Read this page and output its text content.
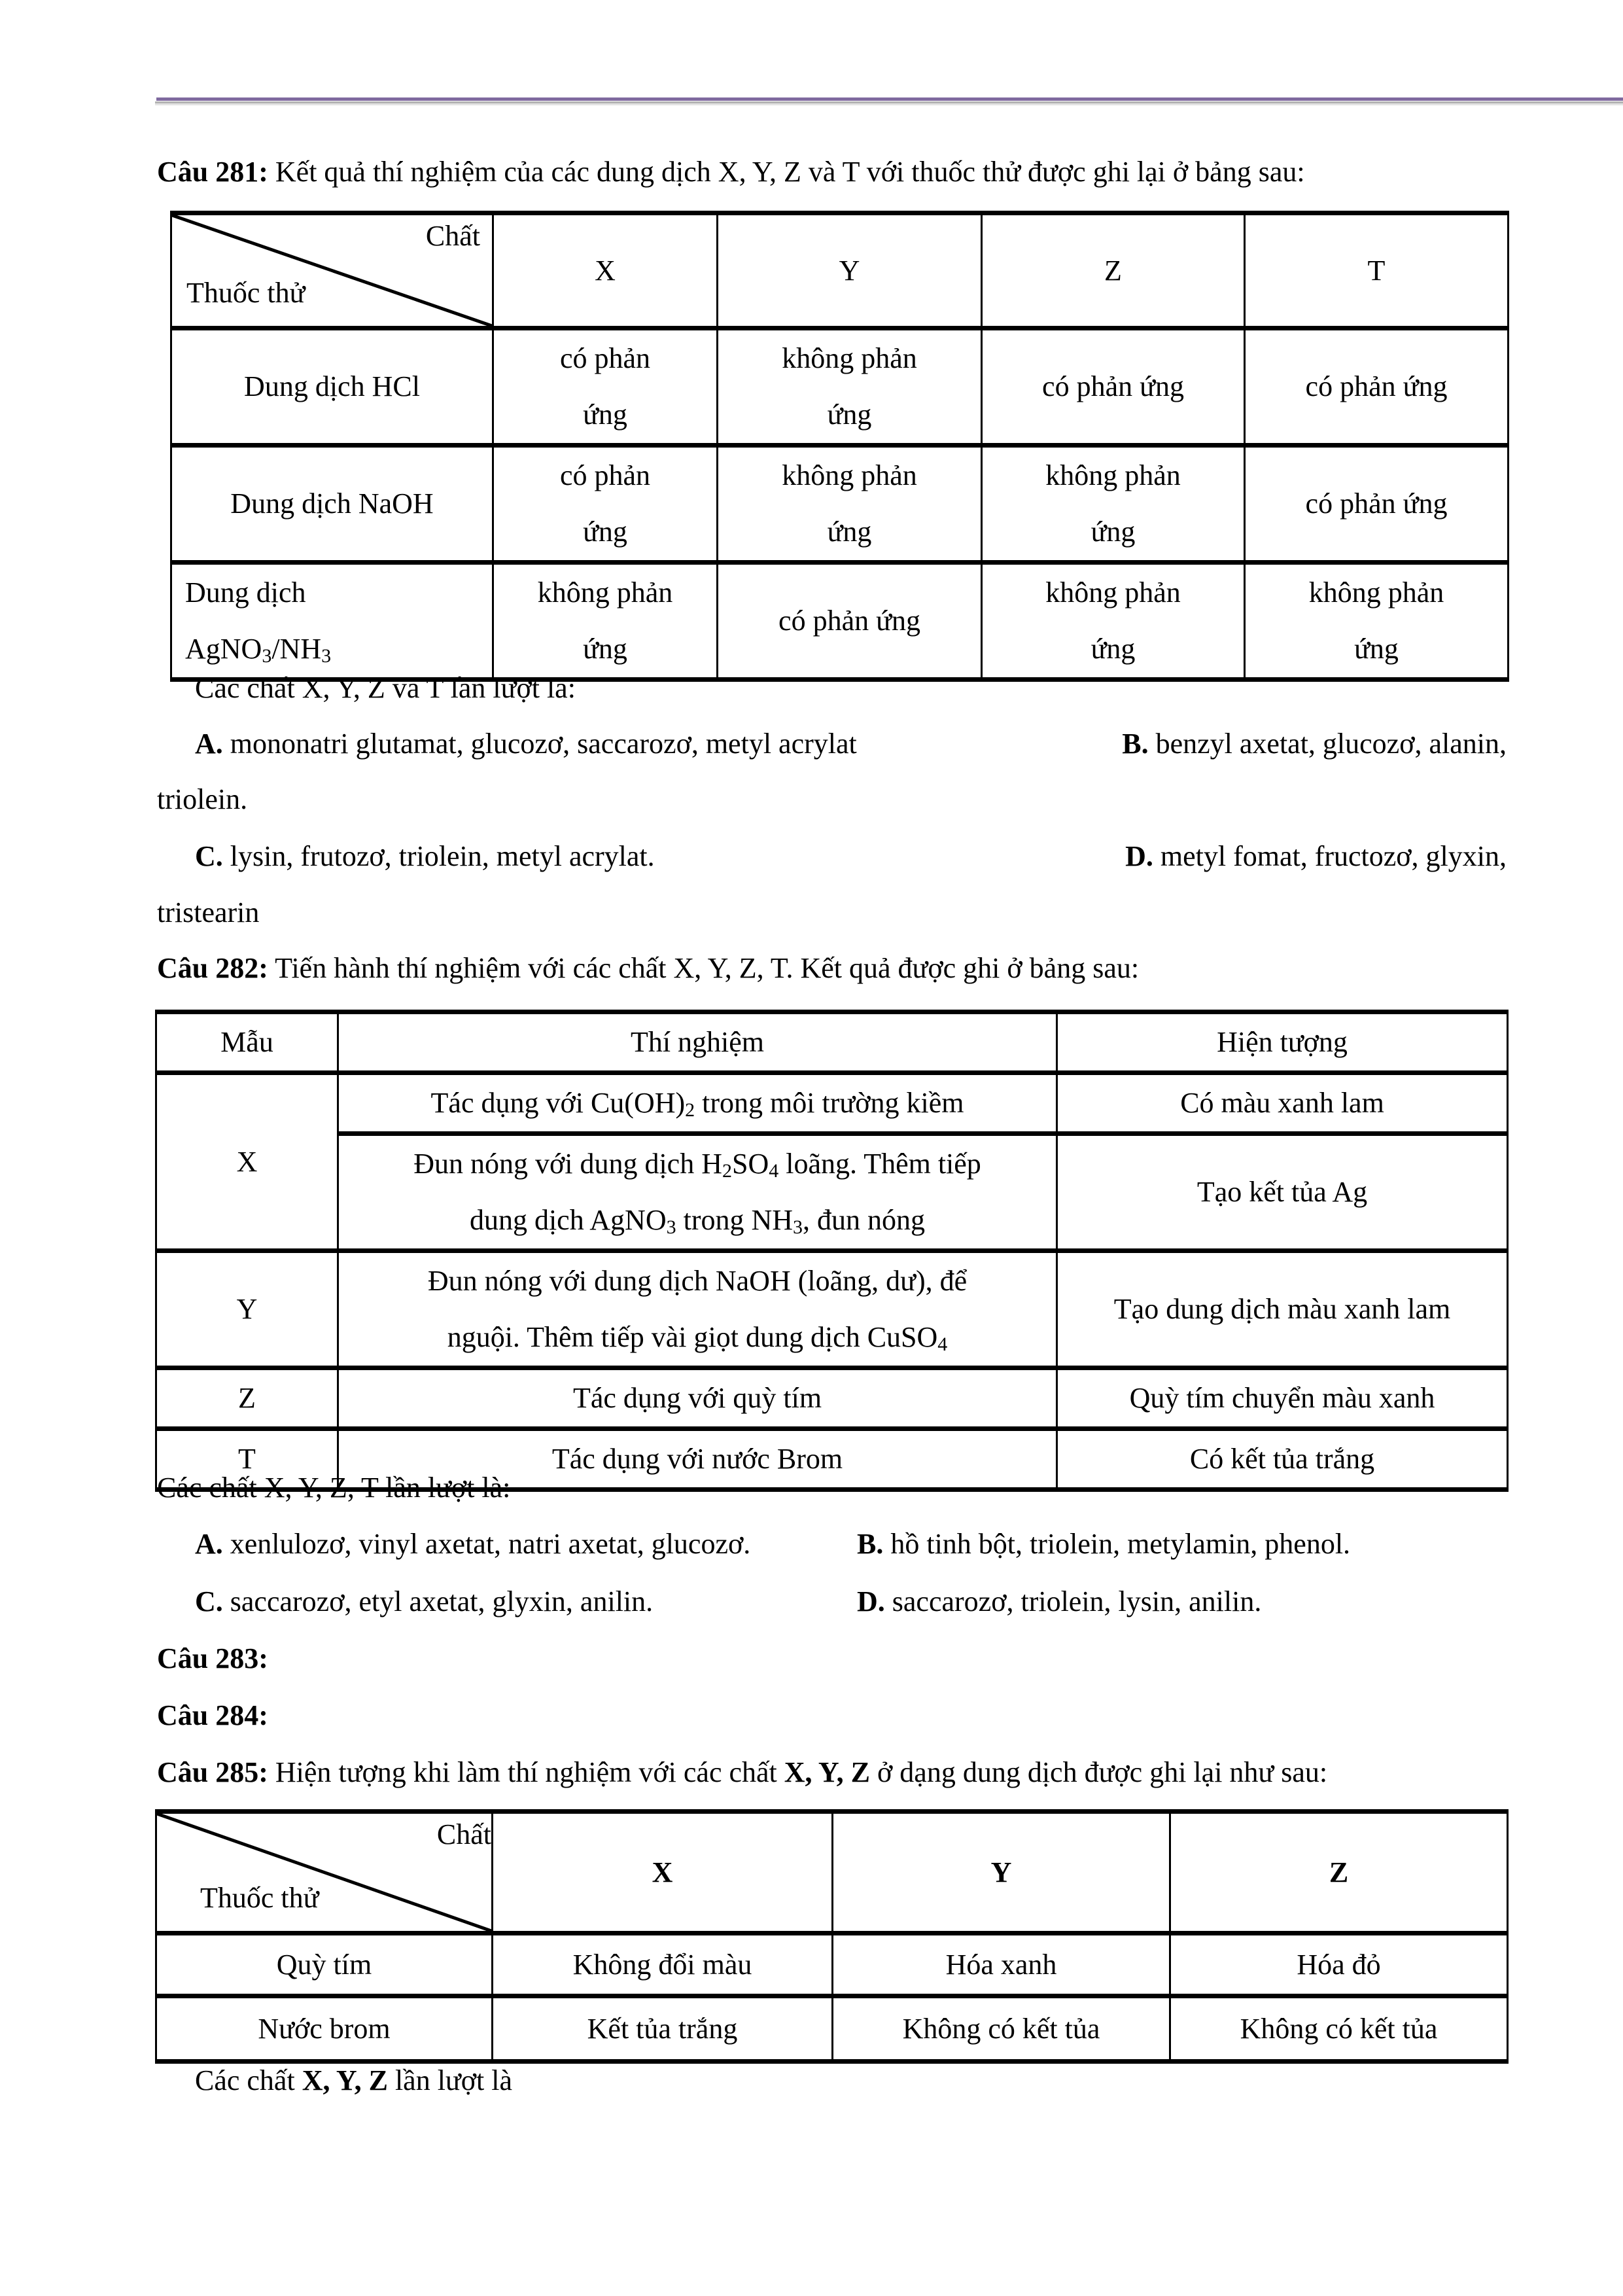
Câu 281: Kết quả thí nghiệm của các dung dịch X, Y, Z và T với thuốc thử được ghi lại ở bảng sau:
Chất
Thuốc thử	X	Y	Z	T
Dung dịch HCl	có phản ứng	không phản ứng	có phản ứng	có phản ứng
Dung dịch NaOH	có phản ứng	không phản ứng	không phản ứng	có phản ứng

Dung dịch
$AgNO_3/NH_3$	không phản ứng	có phản ứng	không phản ứng	không phản ứng
Các chất X, Y, Z và T lần lượt là:
A. mononatri glutamat, glucozơ, saccarozơ, metyl acrylat	B. benzyl axetat, glucozơ, alanin,
triolein.
C. lysin, frutozơ, triolein, metyl acrylat.	D. metyl fomat, fructozơ, glyxin,
tristearin
Câu 282: Tiến hành thí nghiệm với các chất X, Y, Z, T. Kết quả được ghi ở bảng sau:
Mẫu	Thí nghiệm	Hiện tượng
X	Tác dụng với $Cu(OH)_2$ trong môi trường kiềm	Có màu xanh lam

	Đun nóng với dung dịch $H_2SO_4$ loãng. Thêm tiếp
dung dịch AgNO$_3$ trong $NH_3$, đun nóng	Tạo kết tủa Ag
Y	Đun nóng với dung dịch NaOH (loãng, dư), để
nguội. Thêm tiếp vài giọt dung dịch CuSO$_4$	Tạo dung dịch màu xanh lam
Z	Tác dụng với quỳ tím	Quỳ tím chuyển màu xanh
T	Tác dụng với nước Brom	Có kết tủa trắng
Các chất X, Y, Z, T lần lượt là:
A. xenlulozơ, vinyl axetat, natri axetat, glucozơ.	B. hồ tinh bột, triolein, metylamin, phenol.
C. saccarozơ, etyl axetat, glyxin, anilin.	D. saccarozơ, triolein, lysin, anilin.
Câu 283:
Câu 284:
Câu 285: Hiện tượng khi làm thí nghiệm với các chất X, Y, Z ở dạng dung dịch được ghi lại như sau:
Chất
Thuốc thử	X	Y	Z
Quỳ tím	Không đổi màu	Hóa xanh	Hóa đỏ
Nước brom	Kết tủa trắng	Không có kết tủa	Không có kết tủa
Các chất X, Y, Z lần lượt là
